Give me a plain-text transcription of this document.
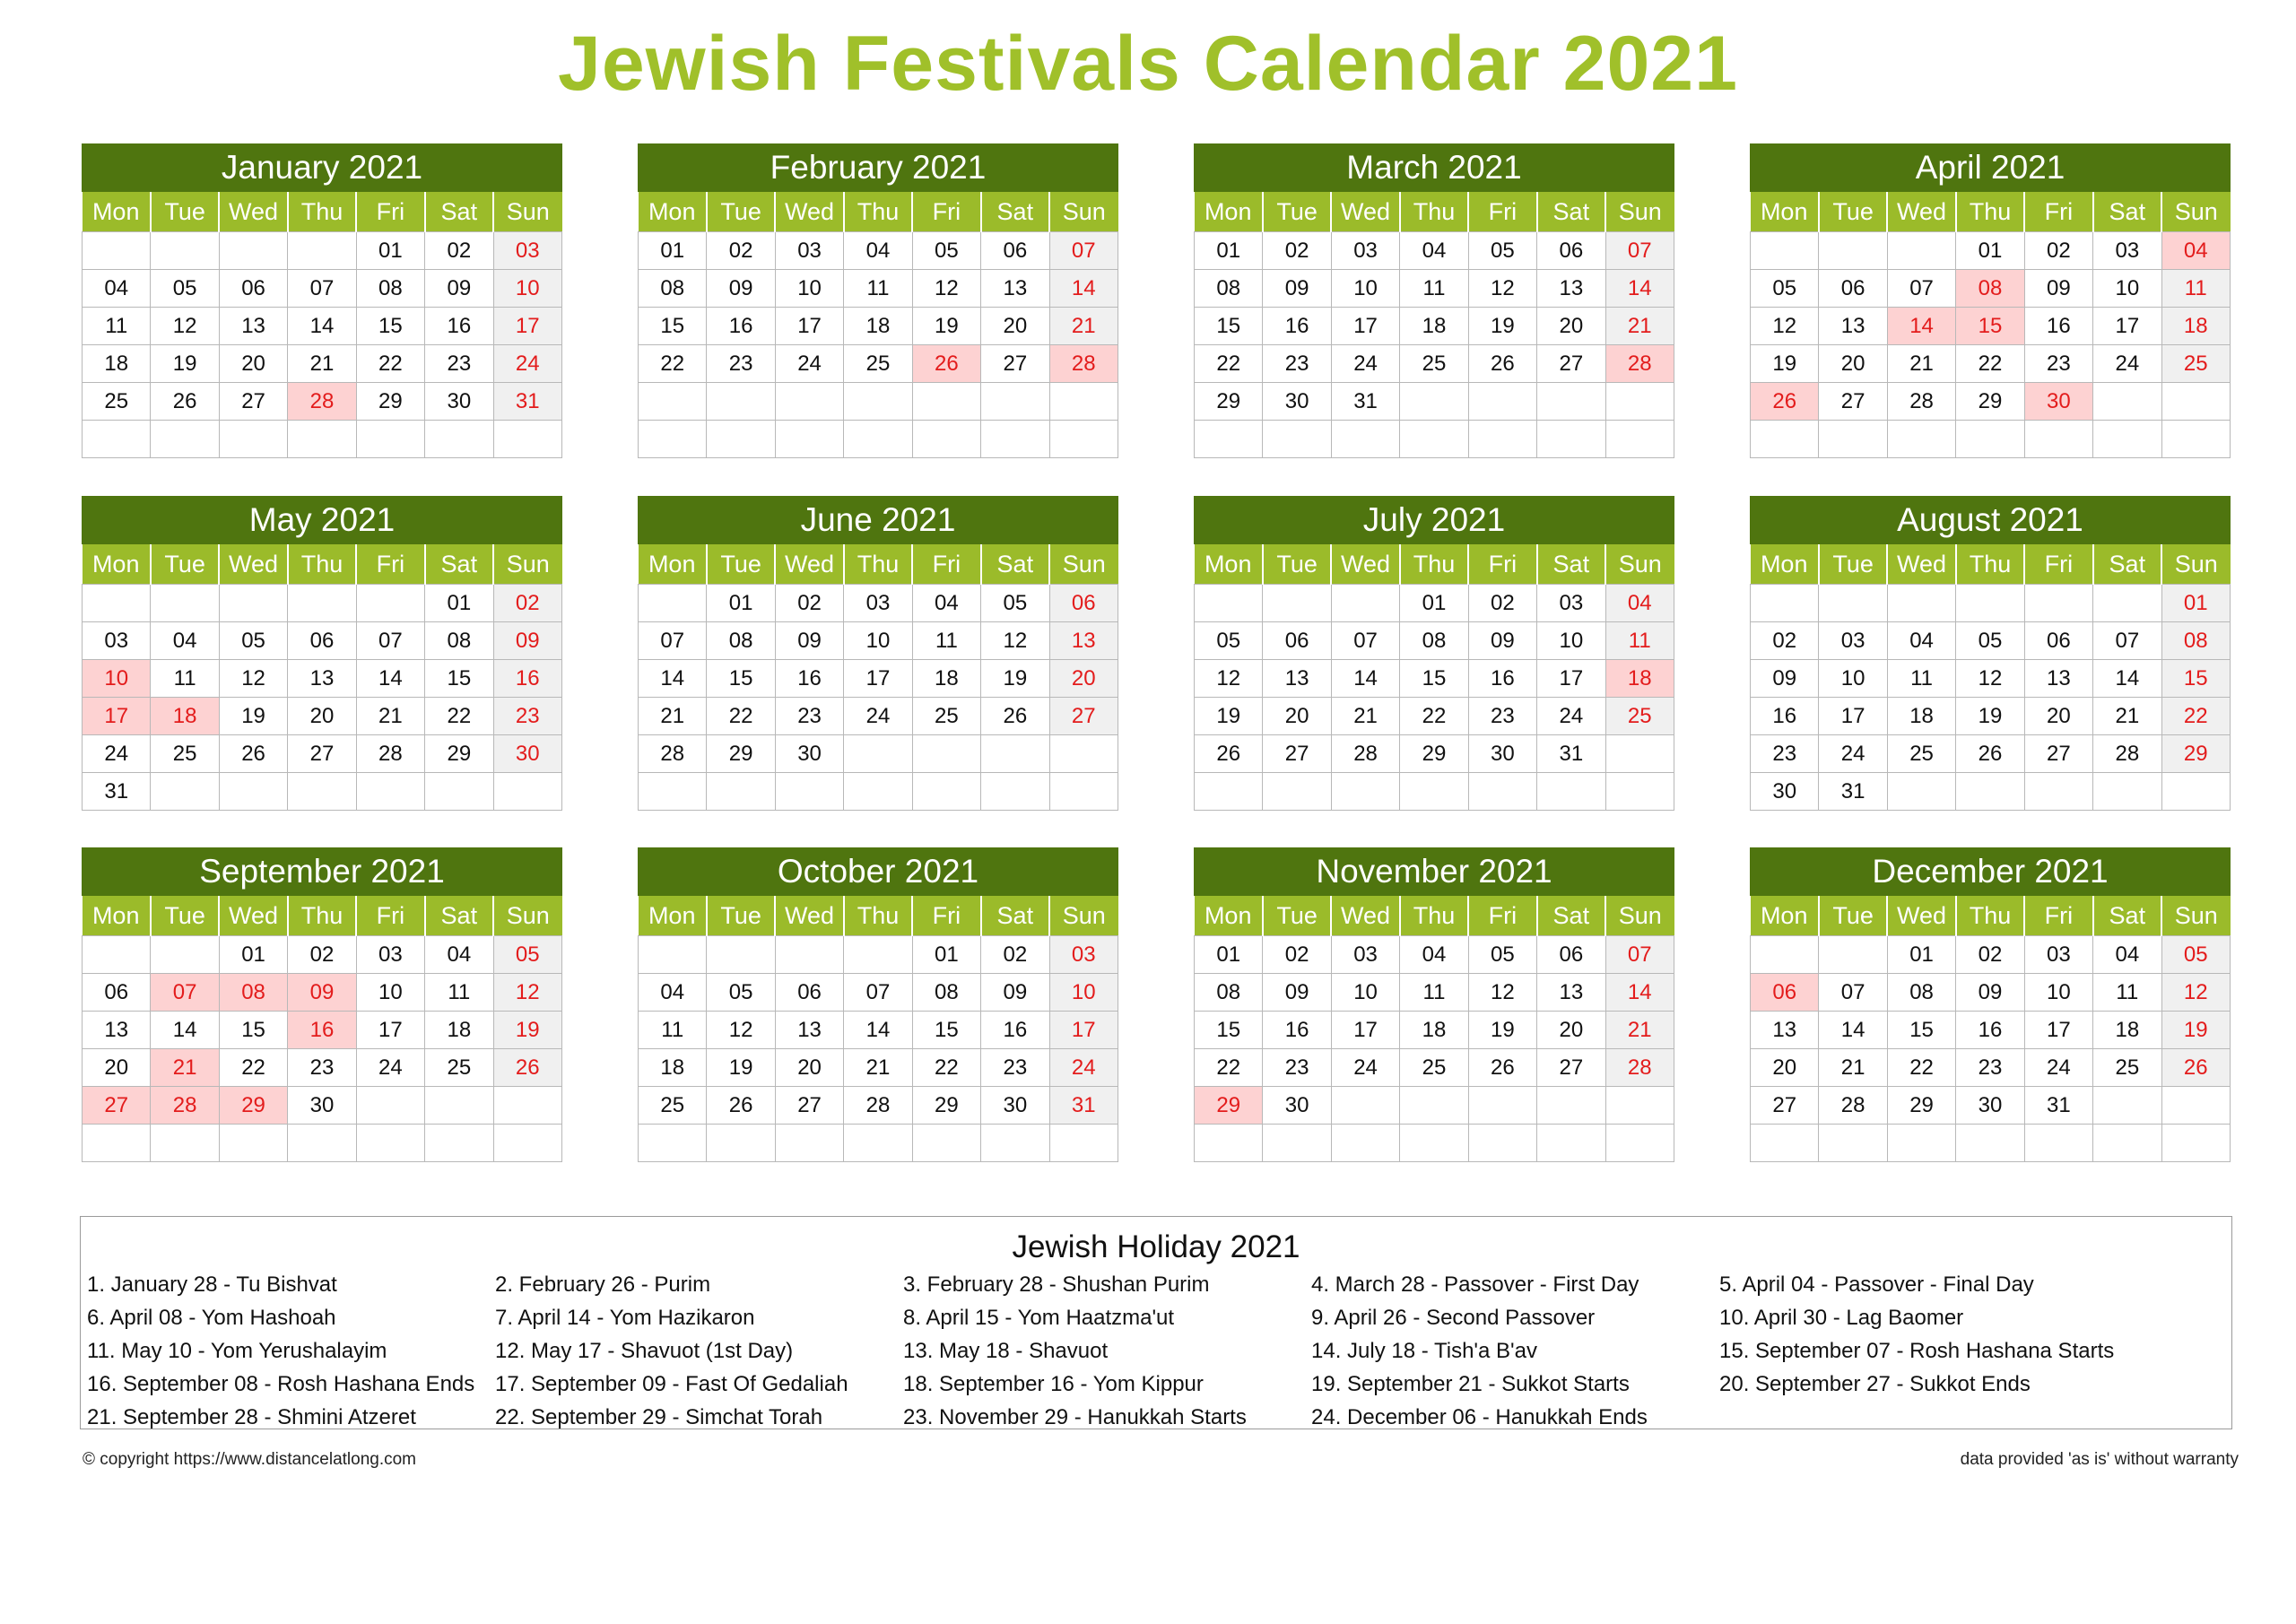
Jewish Festivals Calendar 2021
January 2021
Mon	Tue	Wed	Thu	Fri	Sat	Sun
				01	02	03
04	05	06	07	08	09	10
11	12	13	14	15	16	17
18	19	20	21	22	23	24
25	26	27	28	29	30	31

February 2021
Mon	Tue	Wed	Thu	Fri	Sat	Sun
01	02	03	04	05	06	07
08	09	10	11	12	13	14
15	16	17	18	19	20	21
22	23	24	25	26	27	28

March 2021
Mon	Tue	Wed	Thu	Fri	Sat	Sun
01	02	03	04	05	06	07
08	09	10	11	12	13	14
15	16	17	18	19	20	21
22	23	24	25	26	27	28
29	30	31				

April 2021
Mon	Tue	Wed	Thu	Fri	Sat	Sun
			01	02	03	04
05	06	07	08	09	10	11
12	13	14	15	16	17	18
19	20	21	22	23	24	25
26	27	28	29	30		

May 2021
Mon	Tue	Wed	Thu	Fri	Sat	Sun
					01	02
03	04	05	06	07	08	09
10	11	12	13	14	15	16
17	18	19	20	21	22	23
24	25	26	27	28	29	30
31						
June 2021
Mon	Tue	Wed	Thu	Fri	Sat	Sun
	01	02	03	04	05	06
07	08	09	10	11	12	13
14	15	16	17	18	19	20
21	22	23	24	25	26	27
28	29	30				

July 2021
Mon	Tue	Wed	Thu	Fri	Sat	Sun
			01	02	03	04
05	06	07	08	09	10	11
12	13	14	15	16	17	18
19	20	21	22	23	24	25
26	27	28	29	30	31	

August 2021
Mon	Tue	Wed	Thu	Fri	Sat	Sun
						01
02	03	04	05	06	07	08
09	10	11	12	13	14	15
16	17	18	19	20	21	22
23	24	25	26	27	28	29
30	31					
September 2021
Mon	Tue	Wed	Thu	Fri	Sat	Sun
		01	02	03	04	05
06	07	08	09	10	11	12
13	14	15	16	17	18	19
20	21	22	23	24	25	26
27	28	29	30			

October 2021
Mon	Tue	Wed	Thu	Fri	Sat	Sun
				01	02	03
04	05	06	07	08	09	10
11	12	13	14	15	16	17
18	19	20	21	22	23	24
25	26	27	28	29	30	31

November 2021
Mon	Tue	Wed	Thu	Fri	Sat	Sun
01	02	03	04	05	06	07
08	09	10	11	12	13	14
15	16	17	18	19	20	21
22	23	24	25	26	27	28
29	30					

December 2021
Mon	Tue	Wed	Thu	Fri	Sat	Sun
		01	02	03	04	05
06	07	08	09	10	11	12
13	14	15	16	17	18	19
20	21	22	23	24	25	26
27	28	29	30	31		

Jewish Holiday 2021
1. January 28 - Tu Bishvat	2. February 26 - Purim	3. February 28 - Shushan Purim	4. March 28 - Passover - First Day	5. April 04 - Passover - Final Day
6. April 08 - Yom Hashoah	7. April 14 - Yom Hazikaron	8. April 15 - Yom Haatzma'ut	9. April 26 - Second Passover	10. April 30 - Lag Baomer
11. May 10 - Yom Yerushalayim	12. May 17 - Shavuot (1st Day)	13. May 18 - Shavuot	14. July 18 - Tish'a B'av	15. September 07 - Rosh Hashana Starts
16. September 08 - Rosh Hashana Ends 17. September 09 - Fast Of Gedaliah	18. September 16 - Yom Kippur	19. September 21 - Sukkot Starts	20. September 27 - Sukkot Ends
21. September 28 - Shmini Atzeret	22. September 29 - Simchat Torah	23. November 29 - Hanukkah Starts	24. December 06 - Hanukkah Ends
© copyright https://www.distancelatlong.com	data provided 'as is' without warranty
